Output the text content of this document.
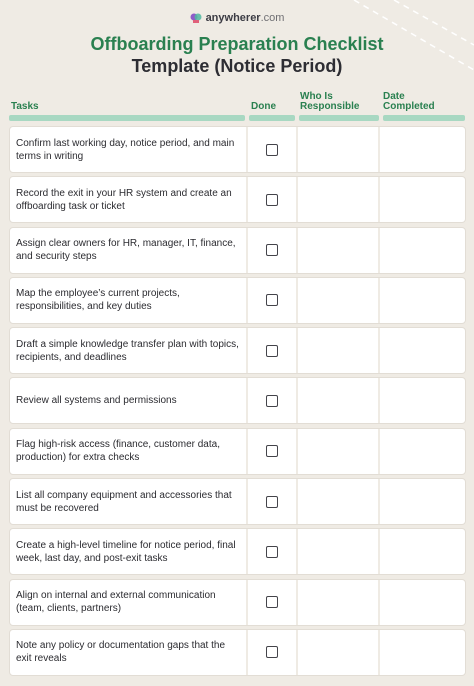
anywherer.com
Offboarding Preparation Checklist
Template (Notice Period)
Tasks	Done
Who Is Responsible
Date Completed
Confirm last working day, notice period, and main terms in writing
Record the exit in your HR system and create an offboarding task or ticket
Assign clear owners for HR, manager, IT, finance, and security steps
Map the employee’s current projects, responsibilities, and key duties
Draft a simple knowledge transfer plan with topics, recipients, and deadlines
Review all systems and permissions
Flag high-risk access (finance, customer data, production) for extra checks
List all company equipment and accessories that must be recovered
Create a high-level timeline for notice period, final week, last day, and post-exit tasks
Align on internal and external communication (team, clients, partners)
Note any policy or documentation gaps that the exit reveals
